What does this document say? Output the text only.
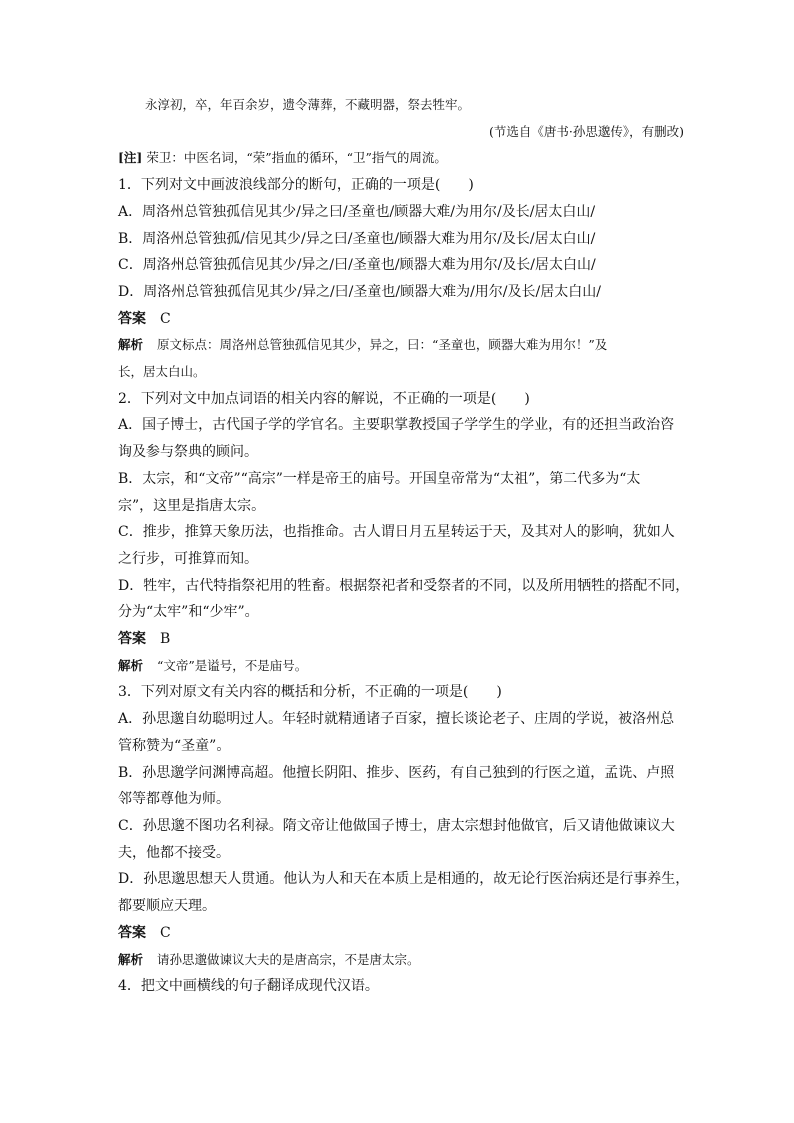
永淳初，卒，年百余岁，遗令薄葬，不藏明器，祭去牲牢。
(节选自《唐书·孙思邈传》，有删改)
[注] 荣卫：中医名词，“荣”指血的循环，“卫”指气的周流。
1．下列对文中画波浪线部分的断句，正确的一项是(　　)
A．周洛州总管独孤信见其少/异之曰/圣童也/顾器大难/为用尔/及长/居太白山/
B．周洛州总管独孤/信见其少/异之曰/圣童也/顾器大难为用尔/及长/居太白山/
C．周洛州总管独孤信见其少/异之/曰/圣童也/顾器大难为用尔/及长/居太白山/
D．周洛州总管独孤信见其少/异之/曰/圣童也/顾器大难为/用尔/及长/居太白山/
答案 C
解析 原文标点：周洛州总管独孤信见其少，异之，曰：“圣童也，顾器大难为用尔！”及
长，居太白山。
2．下列对文中加点词语的相关内容的解说，不正确的一项是(　　)
A．国子博士，古代国子学的学官名。主要职掌教授国子学学生的学业，有的还担当政治咨
询及参与祭典的顾问。
B．太宗，和“文帝”“高宗”一样是帝王的庙号。开国皇帝常为“太祖”，第二代多为“太
宗”，这里是指唐太宗。
C．推步，推算天象历法，也指推命。古人谓日月五星转运于天，及其对人的影响，犹如人
之行步，可推算而知。
D．牲牢，古代特指祭祀用的牲畜。根据祭祀者和受祭者的不同，以及所用牺牲的搭配不同，
分为“太牢”和“少牢”。
答案 B
解析 “文帝”是谥号，不是庙号。
3．下列对原文有关内容的概括和分析，不正确的一项是(　　)
A．孙思邈自幼聪明过人。年轻时就精通诸子百家，擅长谈论老子、庄周的学说，被洛州总
管称赞为“圣童”。
B．孙思邈学问渊博高超。他擅长阴阳、推步、医药，有自己独到的行医之道，孟诜、卢照
邻等都尊他为师。
C．孙思邈不图功名利禄。隋文帝让他做国子博士，唐太宗想封他做官，后又请他做谏议大
夫，他都不接受。
D．孙思邈思想天人贯通。他认为人和天在本质上是相通的，故无论行医治病还是行事养生，
都要顺应天理。
答案 C
解析 请孙思邈做谏议大夫的是唐高宗，不是唐太宗。
4．把文中画横线的句子翻译成现代汉语。
